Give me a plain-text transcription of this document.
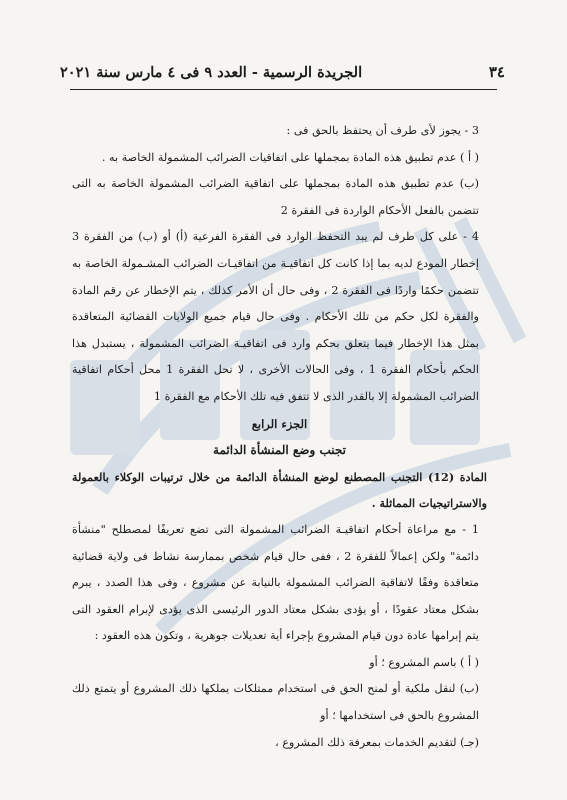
٣٤
الجريدة الرسمية - العدد ٩ فى ٤ مارس سنة ٢٠٢١

3 - يجوز لأى طرف أن يحتفظ بالحق فى :

( أ ) عدم تطبيق هذه المادة بمجملها على اتفاقيات الضرائب المشمولة الخاصة به .

(ب) عدم تطبيق هذه المادة بمجملها على اتفاقية الضرائب المشمولة الخاصة به التى تتضمن بالفعل الأحكام الواردة فى الفقرة 2

4 - على كل طرف لم يبد التحفظ الوارد فى الفقرة الفرعية (أ) أو (ب) من الفقرة 3 إخطار المودع لديه بما إذا كانت كل اتفاقيـة من اتفاقيـات الضرائب المشـمولة الخاصة به تتضمن حكمًا واردًا فى الفقرة 2 ، وفى حال أن الأمر كذلك ، يتم الإخطار عن رقم المادة والفقرة لكل حكم من تلك الأحكام . وفى حال قيام جميع الولايات القضائية المتعاقدة بمثل هذا الإخطار فيما يتعلق بحكم وارد فى اتفاقيـة الضرائب المشمولة ، يستبدل هذا الحكم بأحكام الفقرة 1 ، وفى الحالات الأخرى ، لا تحل الفقرة 1 محل أحكام اتفاقية الضرائب المشمولة إلا بالقدر الذى لا تتفق فيه تلك الأحكام مع الفقرة 1

الجزء الرابع

تجنب وضع المنشأة الدائمة

المادة (12) التجنب المصطنع لوضع المنشأة الدائمة من خلال ترتيبات الوكلاء بالعمولة والاستراتيجيات المماثلة .

1 - مع مراعاة أحكام اتفاقيـة الضرائب المشمولة التى تضع تعريفًا لمصطلح "منشأة دائمة" ولكن إعمالاً للفقرة 2 ، ففى حال قيام شخص بممارسة نشاط فى ولاية قضائية متعاقدة وفقًا لاتفاقية الضرائب المشمولة بالنيابة عن مشروع ، وفى هذا الصدد ، يبرم بشكل معتاد عقودًا ، أو يؤدى بشكل معتاد الدور الرئيسى الذى يؤدى لإبرام العقود التى يتم إبرامها عادة دون قيام المشروع بإجراء أية تعديلات جوهرية ، وتكون هذه العقود :

( أ ) باسم المشروع ؛ أو

(ب) لنقل ملكية أو لمنح الحق فى استخدام ممتلكات يملكها ذلك المشروع أو يتمتع ذلك المشروع بالحق فى استخدامها ؛ أو

(جـ) لتقديم الخدمات بمعرفة ذلك المشروع ،
